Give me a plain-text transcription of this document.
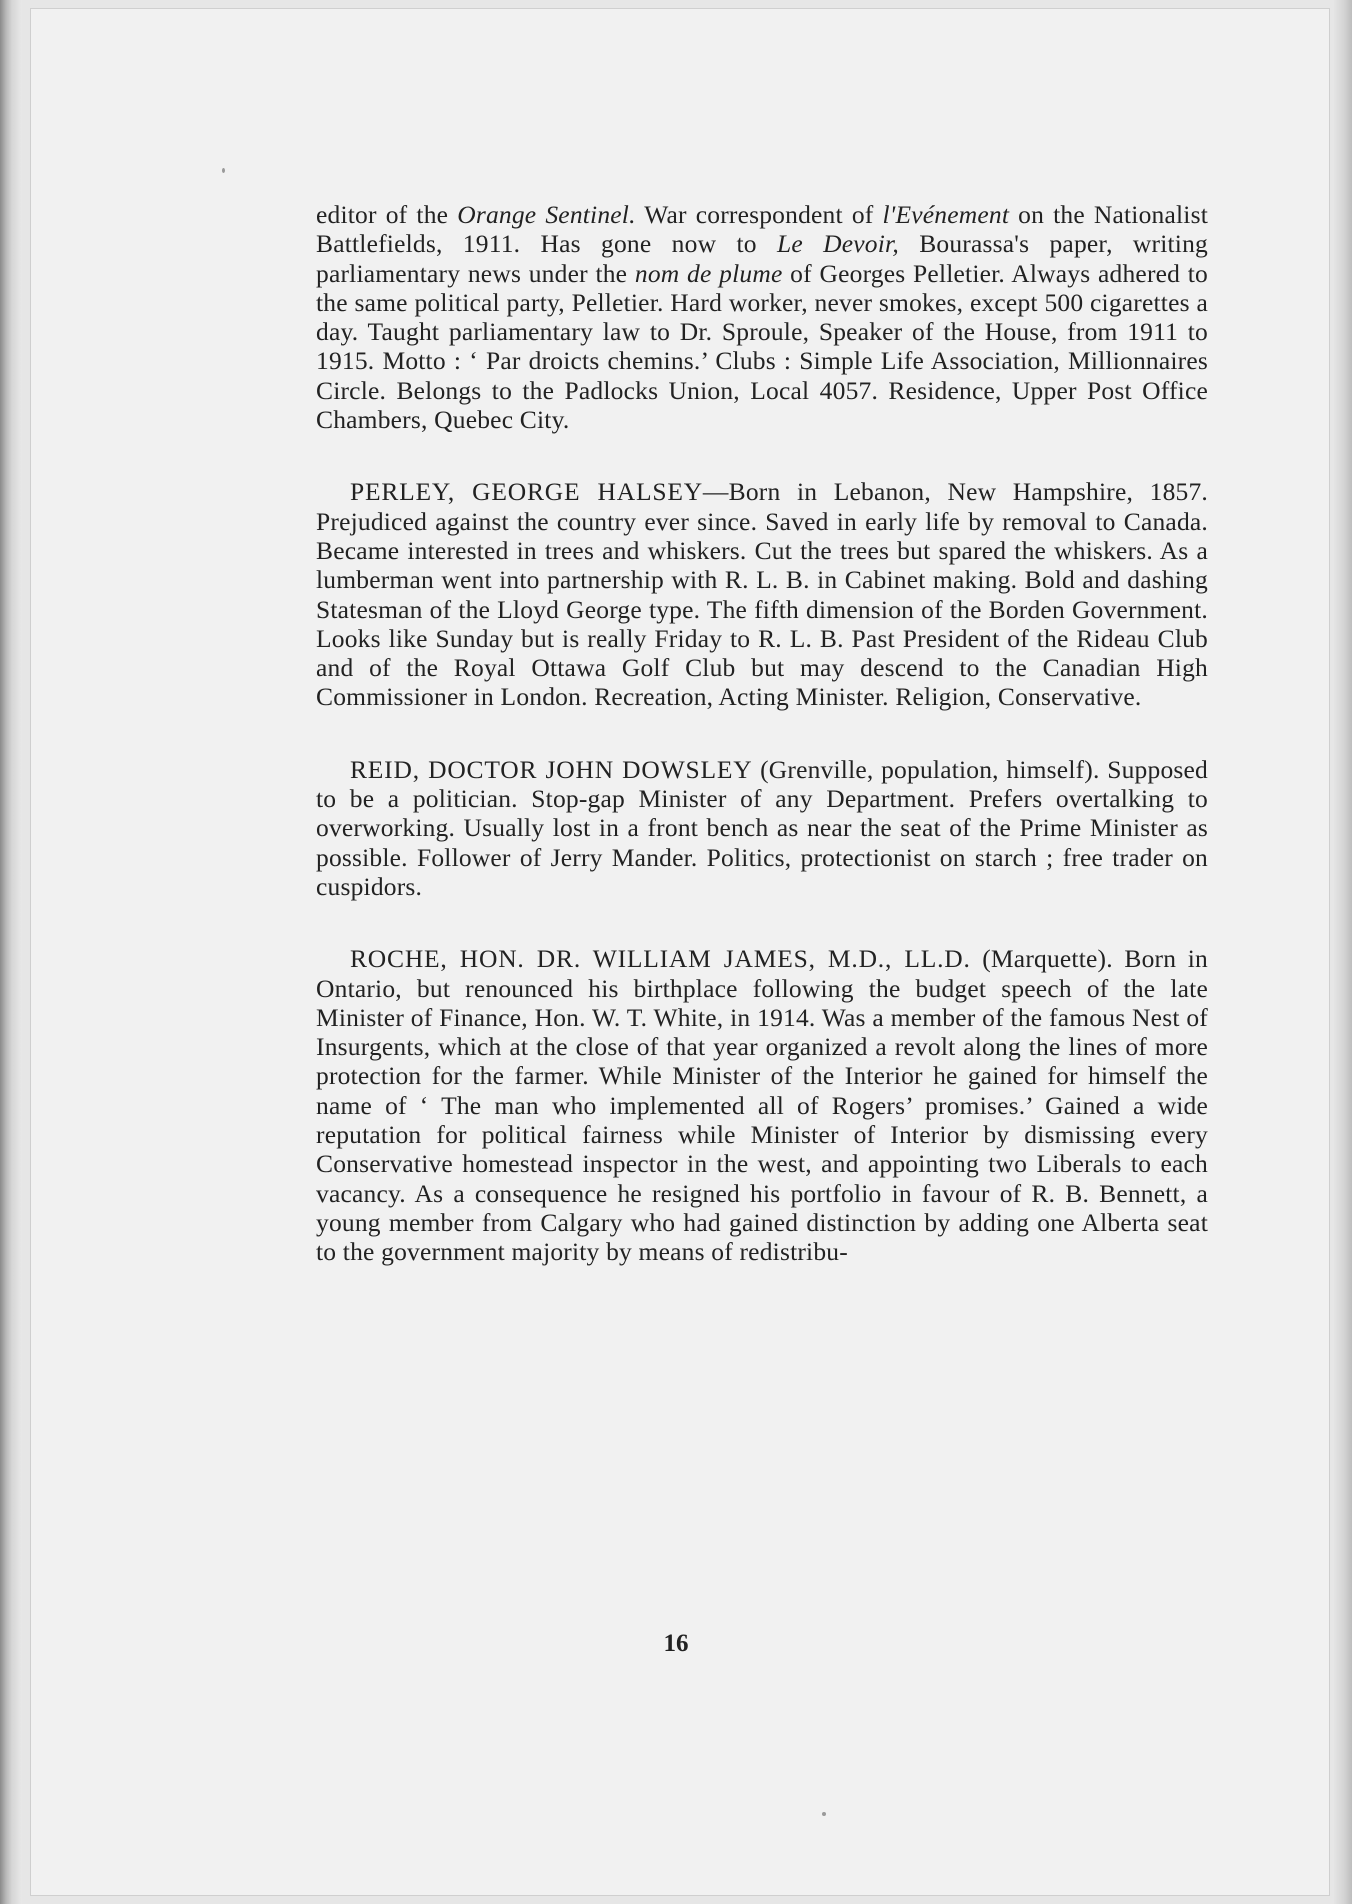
editor of the Orange Sentinel. War correspondent of l'Evénement on the Nationalist Battlefields, 1911. Has gone now to Le Devoir, Bourassa's paper, writing parliamentary news under the nom de plume of Georges Pelletier. Always adhered to the same political party, Pelletier. Hard worker, never smokes, except 500 cigarettes a day. Taught parliamentary law to Dr. Sproule, Speaker of the House, from 1911 to 1915. Motto : ‘ Par droicts chemins.’ Clubs : Simple Life Association, Millionnaires Circle. Belongs to the Padlocks Union, Local 4057. Residence, Upper Post Office Chambers, Quebec City.

PERLEY, GEORGE HALSEY—Born in Lebanon, New Hampshire, 1857. Prejudiced against the country ever since. Saved in early life by removal to Canada. Became interested in trees and whiskers. Cut the trees but spared the whiskers. As a lumberman went into partnership with R. L. B. in Cabinet making. Bold and dashing Statesman of the Lloyd George type. The fifth dimension of the Borden Government. Looks like Sunday but is really Friday to R. L. B. Past President of the Rideau Club and of the Royal Ottawa Golf Club but may descend to the Canadian High Commissioner in London. Recreation, Acting Minister. Religion, Conservative.

REID, DOCTOR JOHN DOWSLEY (Grenville, population, himself). Supposed to be a politician. Stop-gap Minister of any Department. Prefers overtalking to overworking. Usually lost in a front bench as near the seat of the Prime Minister as possible. Follower of Jerry Mander. Politics, protectionist on starch ; free trader on cuspidors.

ROCHE, HON. DR. WILLIAM JAMES, M.D., LL.D. (Marquette). Born in Ontario, but renounced his birthplace following the budget speech of the late Minister of Finance, Hon. W. T. White, in 1914. Was a member of the famous Nest of Insurgents, which at the close of that year organized a revolt along the lines of more protection for the farmer. While Minister of the Interior he gained for himself the name of ‘ The man who implemented all of Rogers’ promises.’ Gained a wide reputation for political fairness while Minister of Interior by dismissing every Conservative homestead inspector in the west, and appointing two Liberals to each vacancy. As a consequence he resigned his portfolio in favour of R. B. Bennett, a young member from Calgary who had gained distinction by adding one Alberta seat to the government majority by means of redistribu-

16
